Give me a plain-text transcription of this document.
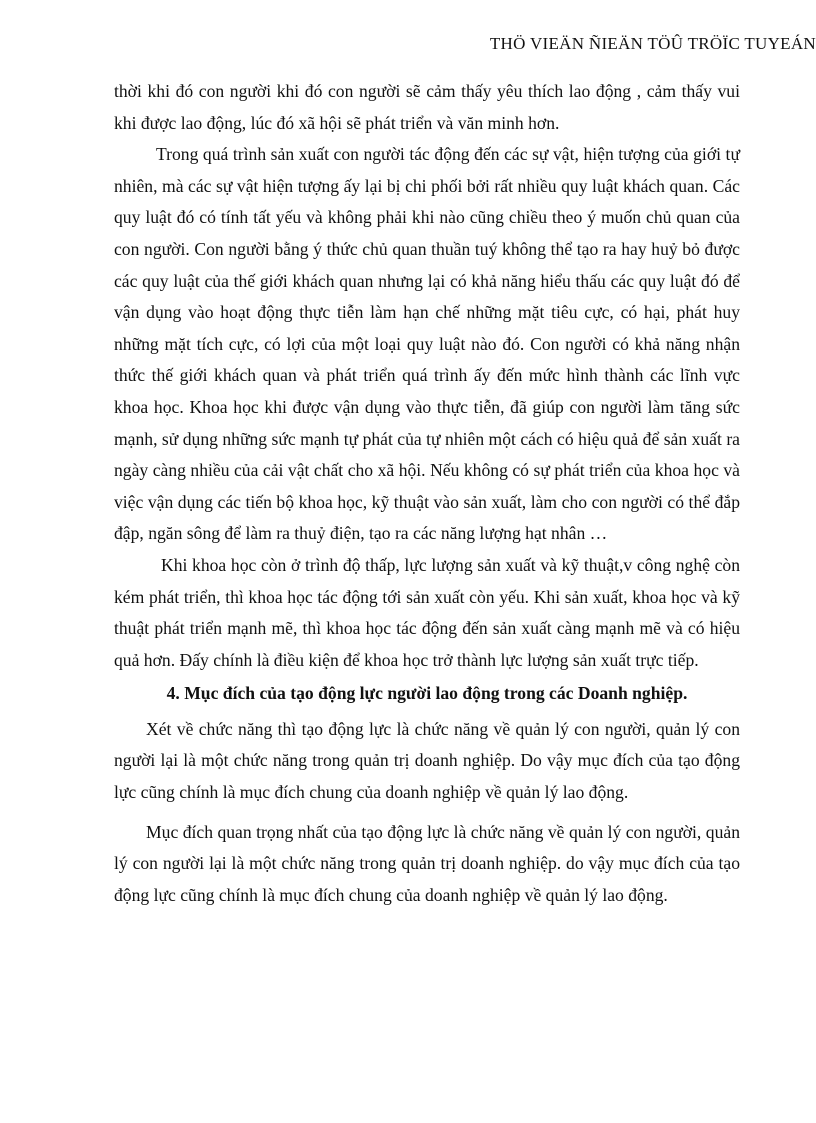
THÖ VIEÄN ÑIEÄN TÖÛ TRÖÏC TUYEÁN

thời khi đó con người khi đó con người sẽ cảm thấy yêu thích lao động , cảm thấy vui khi được lao động, lúc đó xã hội sẽ phát triển và văn minh hơn.

Trong quá trình sản xuất con người tác động đến các sự vật, hiện tượng của giới tự nhiên, mà các sự vật hiện tượng ấy lại bị chi phối bởi rất nhiều quy luật khách quan. Các quy luật đó có tính tất yếu và không phải khi nào cũng chiều theo ý muốn chủ quan của con người. Con người bằng ý thức chủ quan thuần tuý không thể tạo ra hay huỷ bỏ được các quy luật của thế giới khách quan nhưng lại có khả năng hiểu thấu các quy luật đó để vận dụng vào hoạt động thực tiễn làm hạn chế những mặt tiêu cực, có hại, phát huy những mặt tích cực, có lợi của một loại quy luật nào đó. Con người có khả năng nhận thức thế giới khách quan và phát triển quá trình ấy đến mức hình thành các lĩnh vực khoa học. Khoa học khi được vận dụng vào thực tiễn, đã giúp con người làm tăng sức mạnh, sử dụng những sức mạnh tự phát của tự nhiên một cách có hiệu quả để sản xuất ra ngày càng nhiều của cải vật chất cho xã hội. Nếu không có sự phát triển của khoa học và việc vận dụng các tiến bộ khoa học, kỹ thuật vào sản xuất, làm cho con người có thể đắp đập, ngăn sông để làm ra thuỷ điện, tạo ra các năng lượng hạt nhân …

Khi khoa học còn ở trình độ thấp, lực lượng sản xuất và kỹ thuật,v công nghệ còn kém phát triển, thì khoa học tác động tới sản xuất còn yếu. Khi sản xuất, khoa học và kỹ thuật phát triển mạnh mẽ, thì khoa học tác động đến sản xuất càng mạnh mẽ và có hiệu quả hơn. Đấy chính là điều kiện để khoa học trở thành lực lượng sản xuất trực tiếp.

4. Mục đích của tạo động lực người lao động trong các Doanh nghiệp.

Xét về chức năng thì tạo động lực là chức năng về quản lý con người, quản lý con người lại là một chức năng trong quản trị doanh nghiệp. Do vậy mục đích của tạo động lực cũng chính là mục đích chung của doanh nghiệp về quản lý lao động.

Mục đích quan trọng nhất của tạo động lực là chức năng về quản lý con người, quản lý con người lại là một chức năng trong quản trị doanh nghiệp. do vậy mục đích của tạo động lực cũng chính là mục đích chung của doanh nghiệp về quản lý lao động.
